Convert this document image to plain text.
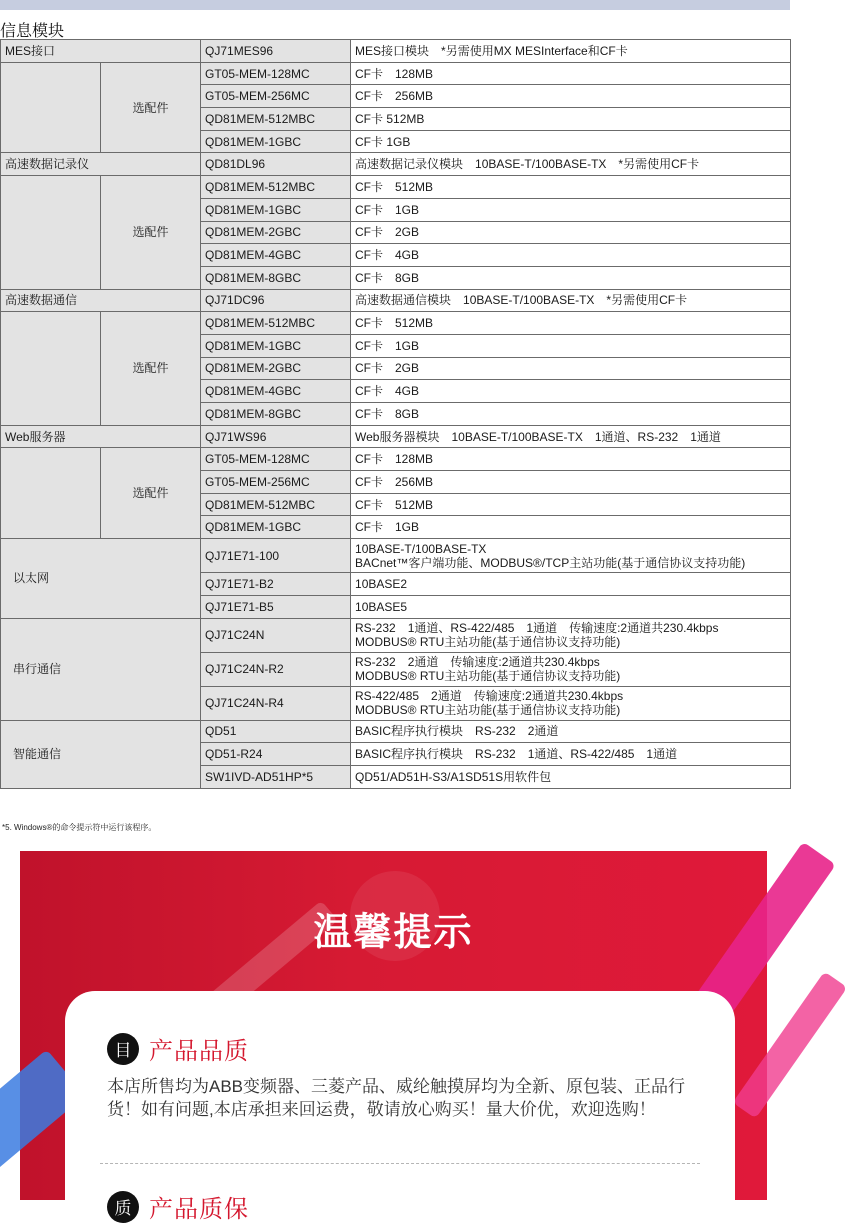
信息模块
MES接口		QJ71MES96	MES接口模块　*另需使用MX MESInterface和CF卡
	选配件	GT05-MEM-128MC	CF卡　128MB
		GT05-MEM-256MC	CF卡　256MB
		QD81MEM-512MBC	CF卡 512MB
		QD81MEM-1GBC	CF卡 1GB
高速数据记录仪		QD81DL96	高速数据记录仪模块　10BASE-T/100BASE-TX　*另需使用CF卡
	选配件	QD81MEM-512MBC	CF卡　512MB
		QD81MEM-1GBC	CF卡　1GB
		QD81MEM-2GBC	CF卡　2GB
		QD81MEM-4GBC	CF卡　4GB
		QD81MEM-8GBC	CF卡　8GB
高速数据通信		QJ71DC96	高速数据通信模块　10BASE-T/100BASE-TX　*另需使用CF卡
	选配件	QD81MEM-512MBC	CF卡　512MB
		QD81MEM-1GBC	CF卡　1GB
		QD81MEM-2GBC	CF卡　2GB
		QD81MEM-4GBC	CF卡　4GB
		QD81MEM-8GBC	CF卡　8GB
Web服务器		QJ71WS96	Web服务器模块　10BASE-T/100BASE-TX　1通道、RS-232　1通道
	选配件	GT05-MEM-128MC	CF卡　128MB
		GT05-MEM-256MC	CF卡　256MB
		QD81MEM-512MBC	CF卡　512MB
		QD81MEM-1GBC	CF卡　1GB
以太网		QJ71E71-100	10BASE-T/100BASE-TX
BACnet™客户端功能、MODBUS®/TCP主站功能(基于通信协议支持功能)

		QJ71E71-B2	10BASE2

		QJ71E71-B5	10BASE5

串行通信		QJ71C24N	RS-232　1通道、RS-422/485　1通道　传输速度:2通道共230.4kbps
MODBUS® RTU主站功能(基于通信协议支持功能)

		QJ71C24N-R2	RS-232　2通道　传输速度:2通道共230.4kbps
MODBUS® RTU主站功能(基于通信协议支持功能)

		QJ71C24N-R4	RS-422/485　2通道　传输速度:2通道共230.4kbps
MODBUS® RTU主站功能(基于通信协议支持功能)

智能通信		QD51	BASIC程序执行模块　RS-232　2通道

		QD51-R24	BASIC程序执行模块　RS-232　1通道、RS-422/485　1通道

		SW1IVD-AD51HP*5	QD51/AD51H-S3/A1SD51S用软件包
*5. Windows®的命令提示符中运行该程序。
温馨提示
目 产品品质
本店所售均为ABB变频器、三菱产品、威纶触摸屏均为全新、原包装、正品行货！如有问题,本店承担来回运费，敬请放心购买！量大价优，欢迎选购！
质 产品质保
